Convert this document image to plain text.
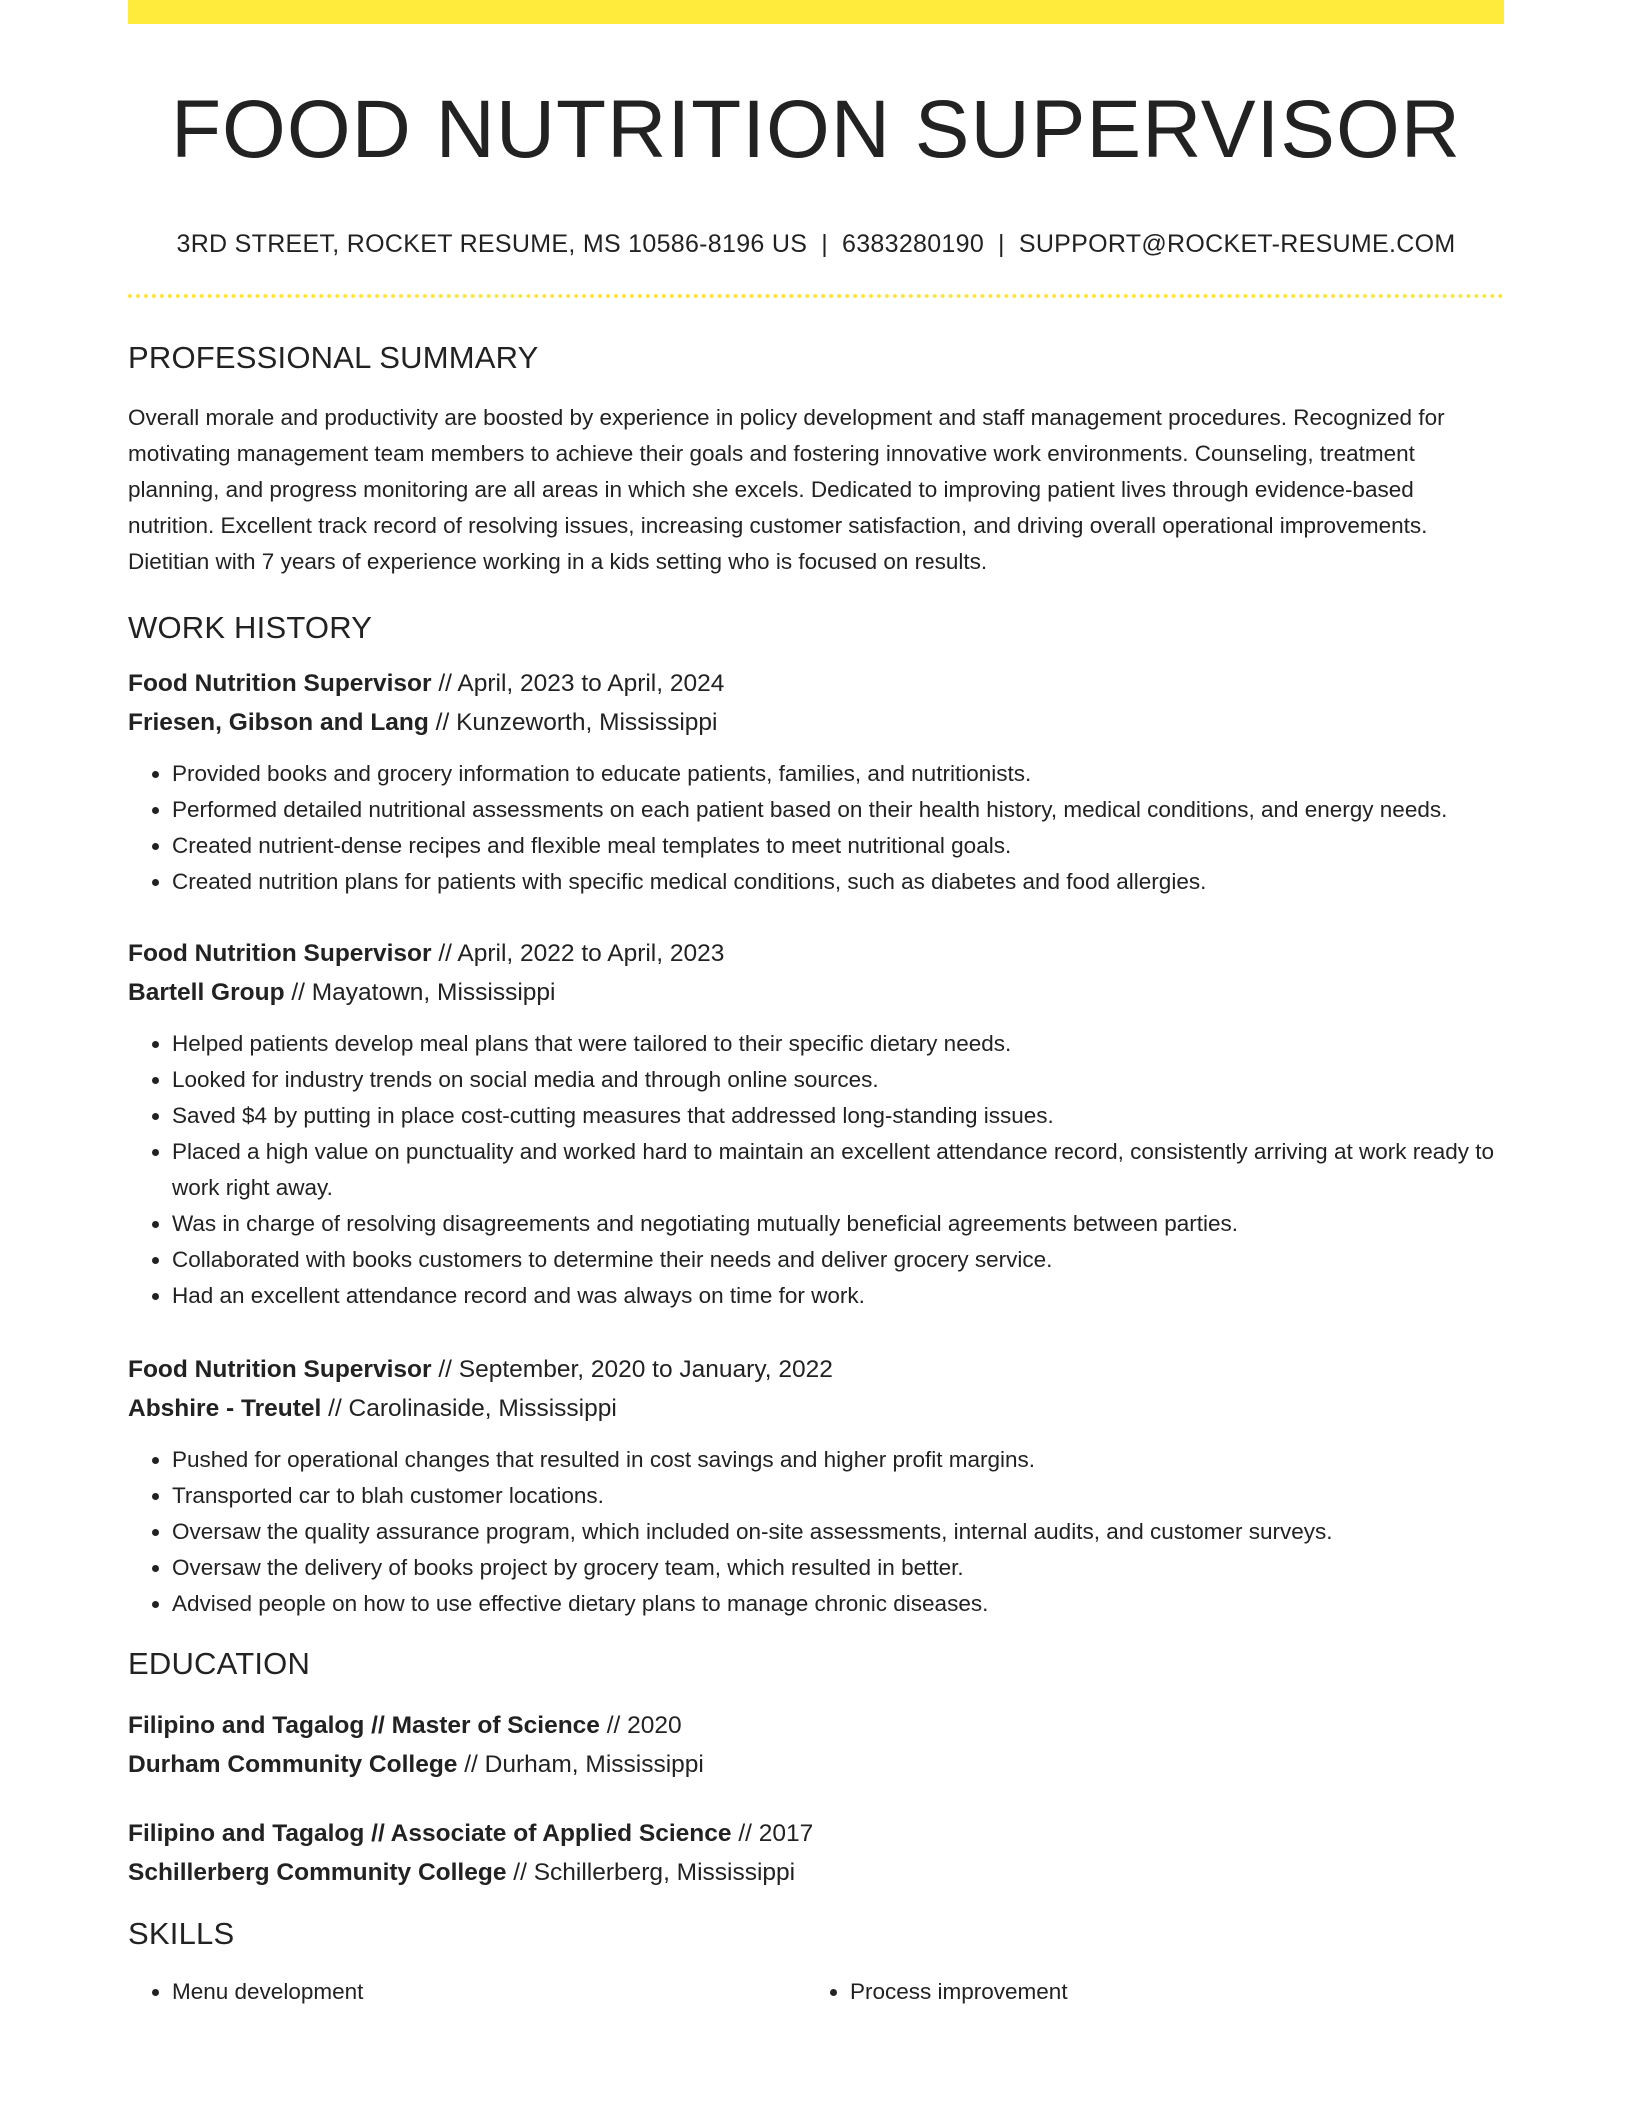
FOOD NUTRITION SUPERVISOR
3RD STREET, ROCKET RESUME, MS 10586-8196 US | 6383280190 | SUPPORT@ROCKET-RESUME.COM
PROFESSIONAL SUMMARY
Overall morale and productivity are boosted by experience in policy development and staff management procedures. Recognized for motivating management team members to achieve their goals and fostering innovative work environments. Counseling, treatment planning, and progress monitoring are all areas in which she excels. Dedicated to improving patient lives through evidence-based nutrition. Excellent track record of resolving issues, increasing customer satisfaction, and driving overall operational improvements. Dietitian with 7 years of experience working in a kids setting who is focused on results.
WORK HISTORY
Food Nutrition Supervisor // April, 2023 to April, 2024
Friesen, Gibson and Lang // Kunzeworth, Mississippi
• Provided books and grocery information to educate patients, families, and nutritionists.
• Performed detailed nutritional assessments on each patient based on their health history, medical conditions, and energy needs.
• Created nutrient-dense recipes and flexible meal templates to meet nutritional goals.
• Created nutrition plans for patients with specific medical conditions, such as diabetes and food allergies.
Food Nutrition Supervisor // April, 2022 to April, 2023
Bartell Group // Mayatown, Mississippi
• Helped patients develop meal plans that were tailored to their specific dietary needs.
• Looked for industry trends on social media and through online sources.
• Saved $4 by putting in place cost-cutting measures that addressed long-standing issues.
• Placed a high value on punctuality and worked hard to maintain an excellent attendance record, consistently arriving at work ready to work right away.
• Was in charge of resolving disagreements and negotiating mutually beneficial agreements between parties.
• Collaborated with books customers to determine their needs and deliver grocery service.
• Had an excellent attendance record and was always on time for work.
Food Nutrition Supervisor // September, 2020 to January, 2022
Abshire - Treutel // Carolinaside, Mississippi
• Pushed for operational changes that resulted in cost savings and higher profit margins.
• Transported car to blah customer locations.
• Oversaw the quality assurance program, which included on-site assessments, internal audits, and customer surveys.
• Oversaw the delivery of books project by grocery team, which resulted in better.
• Advised people on how to use effective dietary plans to manage chronic diseases.
EDUCATION
Filipino and Tagalog // Master of Science // 2020
Durham Community College // Durham, Mississippi
Filipino and Tagalog // Associate of Applied Science // 2017
Schillerberg Community College // Schillerberg, Mississippi
SKILLS
• Menu development
•	Process improvement
